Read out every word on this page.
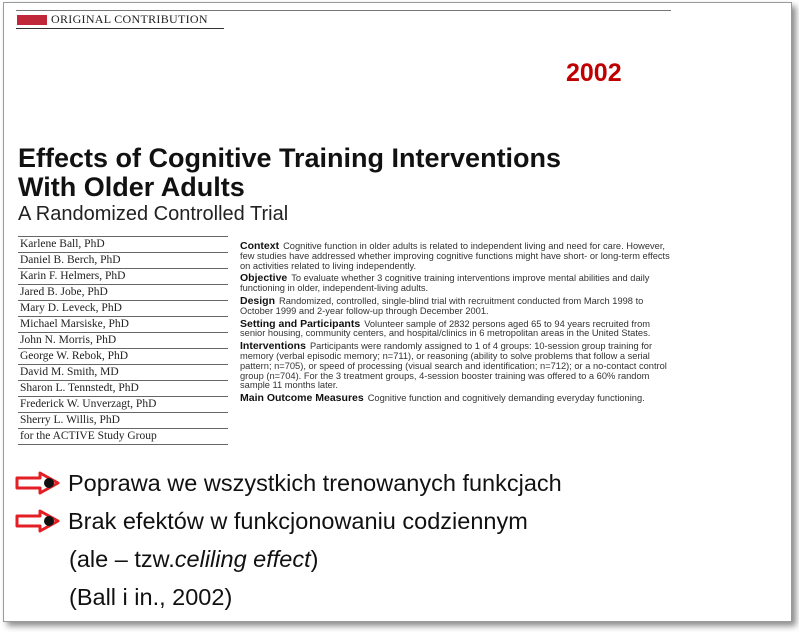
ORIGINAL CONTRIBUTION
2002
Effects of Cognitive Training Interventions
With Older Adults
A Randomized Controlled Trial
Karlene Ball, PhD
Daniel B. Berch, PhD
Karin F. Helmers, PhD
Jared B. Jobe, PhD
Mary D. Leveck, PhD
Michael Marsiske, PhD
John N. Morris, PhD
George W. Rebok, PhD
David M. Smith, MD
Sharon L. Tennstedt, PhD
Frederick W. Unverzagt, PhD
Sherry L. Willis, PhD
for the ACTIVE Study Group
Context Cognitive function in older adults is related to independent living and need for care. However, few studies have addressed whether improving cognitive functions might have short- or long-term effects on activities related to living independently.
Objective To evaluate whether 3 cognitive training interventions improve mental abilities and daily functioning in older, independent-living adults.
Design Randomized, controlled, single-blind trial with recruitment conducted from March 1998 to October 1999 and 2-year follow-up through December 2001.
Setting and Participants Volunteer sample of 2832 persons aged 65 to 94 years recruited from senior housing, community centers, and hospital/clinics in 6 metropolitan areas in the United States.
Interventions Participants were randomly assigned to 1 of 4 groups: 10-session group training for memory (verbal episodic memory; n=711), or reasoning (ability to solve problems that follow a serial pattern; n=705), or speed of processing (visual search and identification; n=712); or a no-contact control group (n=704). For the 3 treatment groups, 4-session booster training was offered to a 60% random sample 11 months later.
Main Outcome Measures Cognitive function and cognitively demanding everyday functioning.
Poprawa we wszystkich trenowanych funkcjach
Brak efektów w funkcjonowaniu codziennym
(ale – tzw. celiling effect )
(Ball i in., 2002)
